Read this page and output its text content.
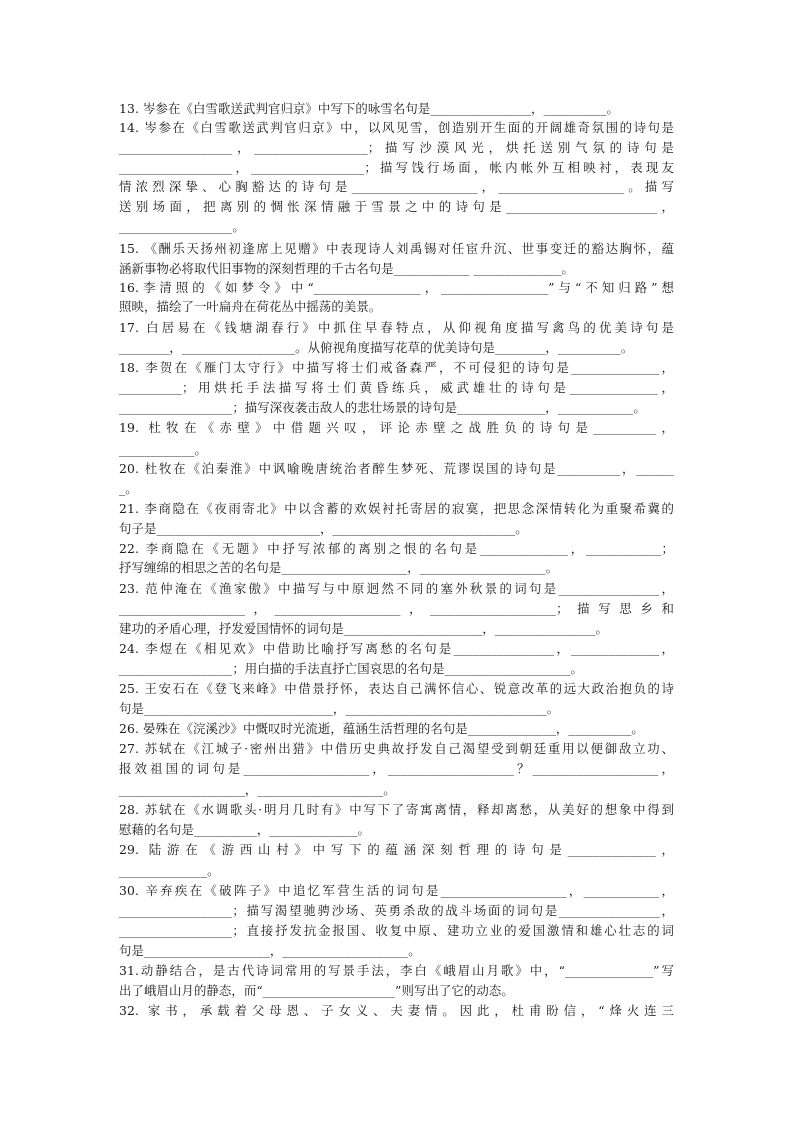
13. 岑参在《白雪歌送武判官归京》中写下的咏雪名句是________________，__________。
14. 岑参在《白雪歌送武判官归京》中，以风见雪，创造别开生面的开阔雄奇氛围的诗句是
__________________，__________________；描写沙漠风光，烘托送别气氛的诗句是
__________________，__________________；描写饯行场面，帐内帐外互相映衬，表现友
情浓烈深挚、心胸豁达的诗句是____________________，____________________。描写
送别场面，把离别的惆怅深情融于雪景之中的诗句是________________________，
__________________。
15. 《酬乐天扬州初逢席上见赠》中表现诗人刘禹锡对任宦升沉、世事变迁的豁达胸怀，蕴
涵新事物必将取代旧事物的深刻哲理的千古名句是____________ ______________。
16.李清照的《如梦令》中“_________________，_________________”与“不知归路”想
照映，描绘了一叶扁舟在荷花丛中摇荡的美景。
17. 白居易在《钱塘湖春行》中抓住早春特点，从仰视角度描写禽鸟的优美诗句是
________，__________________。从俯视角度描写花草的优美诗句是________，__________。
18. 李贺在《雁门太守行》中描写将士们戒备森严，不可侵犯的诗句是______________，
__________；用烘托手法描写将士们黄昏练兵，威武雄壮的诗句是______________，
__________________；描写深夜袭击敌人的悲壮场景的诗句是______________，____________。
19. 杜牧在《赤壁》中借题兴叹，评论赤壁之战胜负的诗句是__________，
____________。
20. 杜牧在《泊秦淮》中讽喻晚唐统治者醉生梦死、荒谬误国的诗句是__________，______
_。
21. 李商隐在《夜雨寄北》中以含蓄的欢娱衬托寄居的寂寞，把思念深情转化为重聚希冀的
句子是__________________________，_____________________________。
22. 李商隐在《无题》中抒写浓郁的离别之恨的名句是______________，____________；
抒写缠绵的相思之苦的名句是____________________，____________________。
23. 范仲淹在《渔家傲》中描写与中原迥然不同的塞外秋景的词句是________________，
____________________，____________________，____________________；描写思乡和
建功的矛盾心理，抒发爱国情怀的词句是______________________，________________。
24. 李煜在《相见欢》中借助比喻抒写离愁的名句是________________，______________，
__________________；用白描的手法直抒亡国哀思的名句是____________________。
25. 王安石在《登飞来峰》中借景抒怀，表达自己满怀信心、锐意改革的远大政治抱负的诗
句是______________________________，________________________________。
26. 晏殊在《浣溪沙》中慨叹时光流逝，蕴涵生活哲理的名句是______________，__________。
27. 苏轼在《江城子·密州出猎》中借历史典故抒发自己渴望受到朝廷重用以便御敌立功、
报效祖国的词句是____________________，____________________？____________________，
____________________，____________________。
28. 苏轼在《水调歌头·明月几时有》中写下了寄寓离情，释却离愁，从美好的想象中得到
慰藉的名句是__________，______________。
29. 陆游在《游西山村》中写下的蕴涵深刻哲理的诗句是______________，
______________。
30. 辛弃疾在《破阵子》中追忆军营生活的词句是____________________，____________，
__________________；描写渴望驰骋沙场、英勇杀敌的战斗场面的词句是________________，
__________________；直接抒发抗金报国、收复中原、建功立业的爱国激情和雄心壮志的词
句是____________________，____________________。
31.动静结合，是古代诗词常用的写景手法，李白《峨眉山月歌》中，“______________”写
出了峨眉山月的静态，而“_____________________”则写出了它的动态。
32. 家书，承载着父母恩、子女义、夫妻情。因此，杜甫盼信，“烽火连三
